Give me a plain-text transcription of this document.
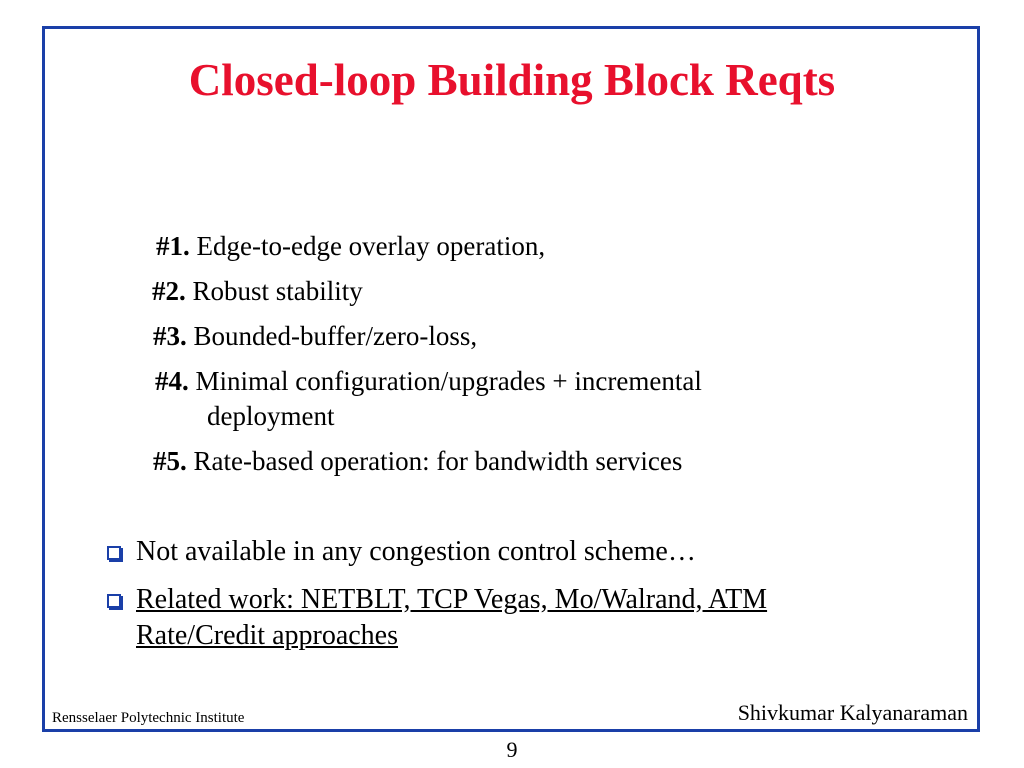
Closed-loop Building Block Reqts
#1. Edge-to-edge overlay operation,
#2. Robust stability
#3. Bounded-buffer/zero-loss,
#4. Minimal configuration/upgrades + incremental
deployment
#5. Rate-based operation: for bandwidth services
Not available in any congestion control scheme…
Related work: NETBLT, TCP Vegas, Mo/Walrand, ATM
Rate/Credit approaches
Rensselaer Polytechnic Institute	Shivkumar Kalyanaraman
9
